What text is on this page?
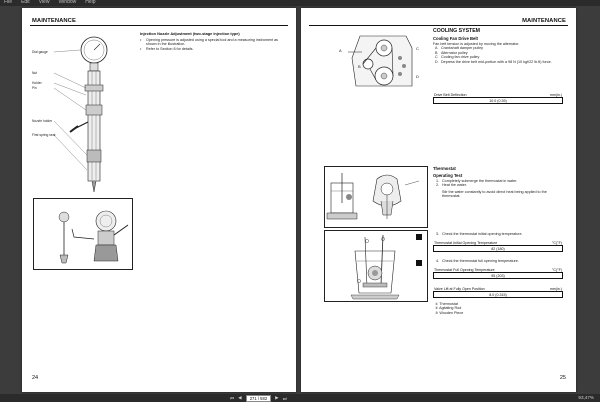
File Edit View Window Help
MAINTENANCE
Dial gauge
Nut
Holder
Pin
Nozzle holder
First spring seat
Injection Nozzle Adjustment (two-stage injection type)
•	Opening pressure is adjusted using a special tool and a measuring instrument as shown in the illustration.
•	Refer to Section 8 for details.
24
MAINTENANCE
A
B
C
D
COOLING SYSTEM
Cooling Fan Drive Belt
Fan belt tension is adjusted by moving the alternator.
A Crankshaft damper pulley
B Alternator pulley
C Cooling fan drive pulley
D Depress the drive belt mid-portion with a 98 N (10 kgf/22 lb.ft) force.
Drive Belt Deflection	mm(in.)
10.0 (0.39)
Thermostat
Operating Test
1. Completely submerge the thermostat in water.
2. Heat the water.
Stir the water constantly to avoid direct heat being applied to the thermostat.
3. Check the thermostat initial opening temperature.
Thermostat Initial Opening Temperature	°C(°F)
82 (180)
4. Check the thermostat full opening temperature.
Thermostat Full Opening Temperature	°C(°F)
95 (203)
Valve Lift at Fully Open Position	mm(in.)
8.0 (0.315)
① Thermostat
② Agitating Rod
③ Wooden Piece
25
⏮ ◀	271 / 582	▶ ⏭	93,47%
